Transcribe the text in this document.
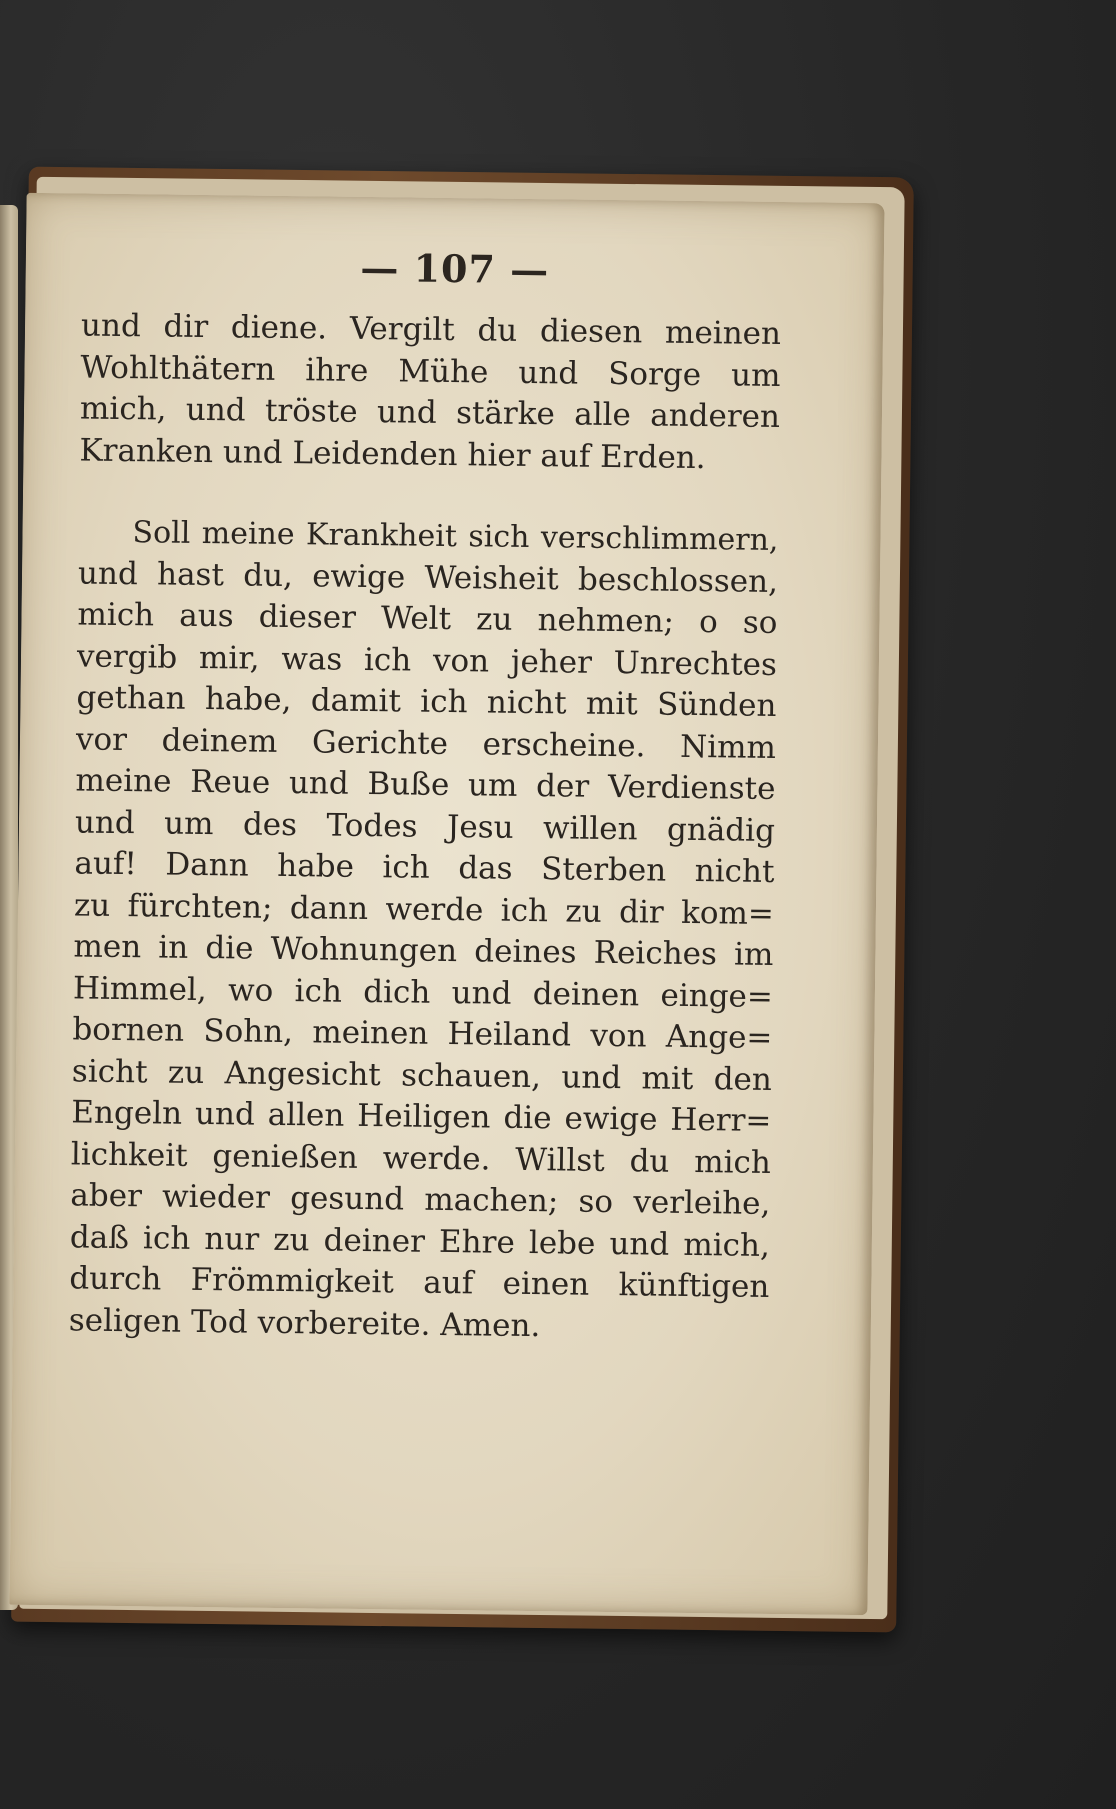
— 107 —
und dir diene. Vergilt du diesen meinen
Wohlthätern ihre Mühe und Sorge um
mich, und tröste und stärke alle anderen
Kranken und Leidenden hier auf Erden.
Soll meine Krankheit sich verschlimmern,
und hast du, ewige Weisheit beschlossen,
mich aus dieser Welt zu nehmen; o so
vergib mir, was ich von jeher Unrechtes
gethan habe, damit ich nicht mit Sünden
vor deinem Gerichte erscheine. Nimm
meine Reue und Buße um der Verdienste
und um des Todes Jesu willen gnädig
auf! Dann habe ich das Sterben nicht
zu fürchten; dann werde ich zu dir kom=
men in die Wohnungen deines Reiches im
Himmel, wo ich dich und deinen einge=
bornen Sohn, meinen Heiland von Ange=
sicht zu Angesicht schauen, und mit den
Engeln und allen Heiligen die ewige Herr=
lichkeit genießen werde. Willst du mich
aber wieder gesund machen; so verleihe,
daß ich nur zu deiner Ehre lebe und mich,
durch Frömmigkeit auf einen künftigen
seligen Tod vorbereite. Amen.
